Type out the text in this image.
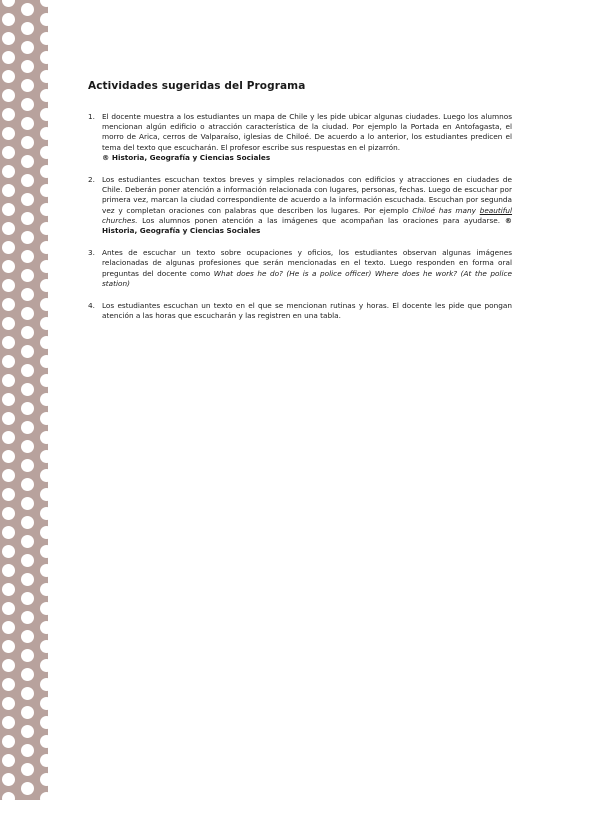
Actividades sugeridas del Programa
1. El docente muestra a los estudiantes un mapa de Chile y les pide ubicar algunas ciudades. Luego los alumnos mencionan algún edificio o atracción característica de la ciudad. Por ejemplo la Portada en Antofagasta, el morro de Arica, cerros de Valparaíso, iglesias de Chiloé. De acuerdo a lo anterior, los estudiantes predicen el tema del texto que escucharán. El profesor escribe sus respuestas en el pizarrón.
® Historia, Geografía y Ciencias Sociales
2. Los estudiantes escuchan textos breves y simples relacionados con edificios y atracciones en ciudades de Chile. Deberán poner atención a información relacionada con lugares, personas, fechas. Luego de escuchar por primera vez, marcan la ciudad correspondiente de acuerdo a la información escuchada. Escuchan por segunda vez y completan oraciones con palabras que describen los lugares. Por ejemplo Chiloé has many beautiful churches. Los alumnos ponen atención a las imágenes que acompañan las oraciones para ayudarse. ® Historia, Geografía y Ciencias Sociales
3. Antes de escuchar un texto sobre ocupaciones y oficios, los estudiantes observan algunas imágenes relacionadas de algunas profesiones que serán mencionadas en el texto. Luego responden en forma oral preguntas del docente como What does he do? (He is a police officer) Where does he work? (At the police station)
4. Los estudiantes escuchan un texto en el que se mencionan rutinas y horas. El docente les pide que pongan atención a las horas que escucharán y las registren en una tabla.
